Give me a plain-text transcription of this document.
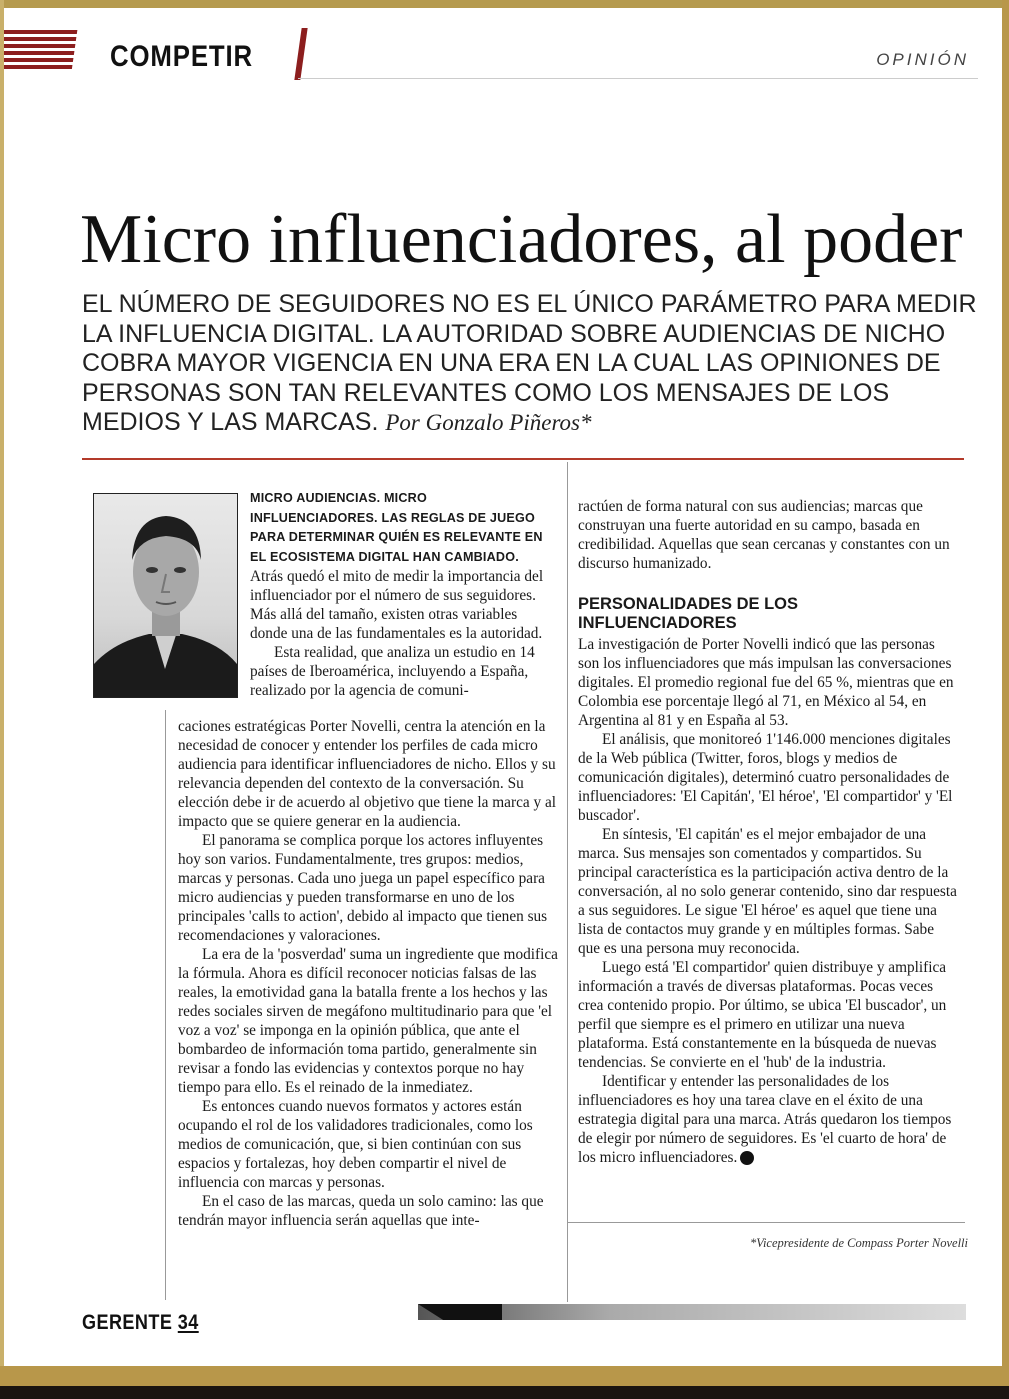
COMPETIR	OPINIÓN
Micro influenciadores, al poder
EL NÚMERO DE SEGUIDORES NO ES EL ÚNICO PARÁMETRO PARA MEDIR LA INFLUENCIA DIGITAL. LA AUTORIDAD SOBRE AUDIENCIAS DE NICHO COBRA MAYOR VIGENCIA EN UNA ERA EN LA CUAL LAS OPINIONES DE PERSONAS SON TAN RELEVANTES COMO LOS MENSAJES DE LOS MEDIOS Y LAS MARCAS. Por Gonzalo Piñeros*
MICRO AUDIENCIAS. MICRO INFLUENCIADORES. LAS REGLAS DE JUEGO PARA DETERMINAR QUIÉN ES RELEVANTE EN EL ECOSISTEMA DIGITAL HAN CAMBIADO.

Atrás quedó el mito de medir la importancia del influenciador por el número de sus seguidores. Más allá del tamaño, existen otras variables donde una de las fundamentales es la autoridad.

Esta realidad, que analiza un estudio en 14 países de Iberoamérica, incluyendo a España, realizado por la agencia de comuni-

caciones estratégicas Porter Novelli, centra la atención en la necesidad de conocer y entender los perfiles de cada micro audiencia para identificar influenciadores de nicho. Ellos y su relevancia dependen del contexto de la conversación. Su elección debe ir de acuerdo al objetivo que tiene la marca y al impacto que se quiere generar en la audiencia.

El panorama se complica porque los actores influyentes hoy son varios. Fundamentalmente, tres grupos: medios, marcas y personas. Cada uno juega un papel específico para micro audiencias y pueden transformarse en uno de los principales 'calls to action', debido al impacto que tienen sus recomendaciones y valoraciones.

La era de la 'posverdad' suma un ingrediente que modifica la fórmula. Ahora es difícil reconocer noticias falsas de las reales, la emotividad gana la batalla frente a los hechos y las redes sociales sirven de megáfono multitudinario para que 'el voz a voz' se imponga en la opinión pública, que ante el bombardeo de información toma partido, generalmente sin revisar a fondo las evidencias y contextos porque no hay tiempo para ello. Es el reinado de la inmediatez.

Es entonces cuando nuevos formatos y actores están ocupando el rol de los validadores tradicionales, como los medios de comunicación, que, si bien continúan con sus espacios y fortalezas, hoy deben compartir el nivel de influencia con marcas y personas.

En el caso de las marcas, queda un solo camino: las que tendrán mayor influencia serán aquellas que inte-

ractúen de forma natural con sus audiencias; marcas que construyan una fuerte autoridad en su campo, basada en credibilidad. Aquellas que sean cercanas y constantes con un discurso humanizado.

PERSONALIDADES DE LOS INFLUENCIADORES

La investigación de Porter Novelli indicó que las personas son los influenciadores que más impulsan las conversaciones digitales. El promedio regional fue del 65 %, mientras que en Colombia ese porcentaje llegó al 71, en México al 54, en Argentina al 81 y en España al 53.

El análisis, que monitoreó 1'146.000 menciones digitales de la Web pública (Twitter, foros, blogs y medios de comunicación digitales), determinó cuatro personalidades de influenciadores: 'El Capitán', 'El héroe', 'El compartidor' y 'El buscador'.

En síntesis, 'El capitán' es el mejor embajador de una marca. Sus mensajes son comentados y compartidos. Su principal característica es la participación activa dentro de la conversación, al no solo generar contenido, sino dar respuesta a sus seguidores. Le sigue 'El héroe' es aquel que tiene una lista de contactos muy grande y en múltiples formas. Sabe que es una persona muy reconocida.

Luego está 'El compartidor' quien distribuye y amplifica información a través de diversas plataformas. Pocas veces crea contenido propio. Por último, se ubica 'El buscador', un perfil que siempre es el primero en utilizar una nueva plataforma. Está constantemente en la búsqueda de nuevas tendencias. Se convierte en el 'hub' de la industria.

Identificar y entender las personalidades de los influenciadores es hoy una tarea clave en el éxito de una estrategia digital para una marca. Atrás quedaron los tiempos de elegir por número de seguidores. Es 'el cuarto de hora' de los micro influenciadores.	G

*Vicepresidente de Compass Porter Novelli
GERENTE 34
